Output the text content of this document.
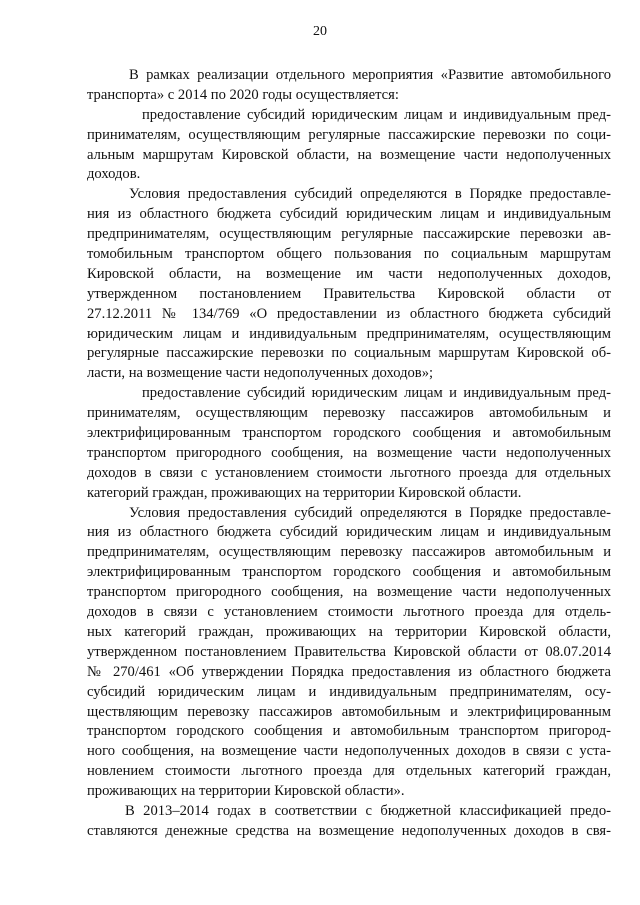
20
В рамках реализации отдельного мероприятия «Развитие автомобильного
транспорта» с 2014 по 2020 годы осуществляется:
предоставление субсидий юридическим лицам и индивидуальным пред-
принимателям, осуществляющим регулярные пассажирские перевозки по соци-
альным маршрутам Кировской области, на возмещение части недополученных
доходов.
Условия предоставления субсидий определяются в Порядке предоставле-
ния из областного бюджета субсидий юридическим лицам и индивидуальным
предпринимателям, осуществляющим регулярные пассажирские перевозки ав-
томобильным транспортом общего пользования по социальным маршрутам
Кировской области, на возмещение им части недополученных доходов,
утвержденном постановлением Правительства Кировской области от
27.12.2011 № 134/769 «О предоставлении из областного бюджета субсидий
юридическим лицам и индивидуальным предпринимателям, осуществляющим
регулярные пассажирские перевозки по социальным маршрутам Кировской об-
ласти, на возмещение части недополученных доходов»;
предоставление субсидий юридическим лицам и индивидуальным пред-
принимателям, осуществляющим перевозку пассажиров автомобильным и
электрифицированным транспортом городского сообщения и автомобильным
транспортом пригородного сообщения, на возмещение части недополученных
доходов в связи с установлением стоимости льготного проезда для отдельных
категорий граждан, проживающих на территории Кировской области.
Условия предоставления субсидий определяются в Порядке предоставле-
ния из областного бюджета субсидий юридическим лицам и индивидуальным
предпринимателям, осуществляющим перевозку пассажиров автомобильным и
электрифицированным транспортом городского сообщения и автомобильным
транспортом пригородного сообщения, на возмещение части недополученных
доходов в связи с установлением стоимости льготного проезда для отдель-
ных категорий граждан, проживающих на территории Кировской области,
утвержденном постановлением Правительства Кировской области от 08.07.2014
№ 270/461 «Об утверждении Порядка предоставления из областного бюджета
субсидий юридическим лицам и индивидуальным предпринимателям, осу-
ществляющим перевозку пассажиров автомобильным и электрифицированным
транспортом городского сообщения и автомобильным транспортом пригород-
ного сообщения, на возмещение части недополученных доходов в связи с уста-
новлением стоимости льготного проезда для отдельных категорий граждан,
проживающих на территории Кировской области».
В 2013–2014 годах в соответствии с бюджетной классификацией предо-
ставляются денежные средства на возмещение недополученных доходов в свя-
